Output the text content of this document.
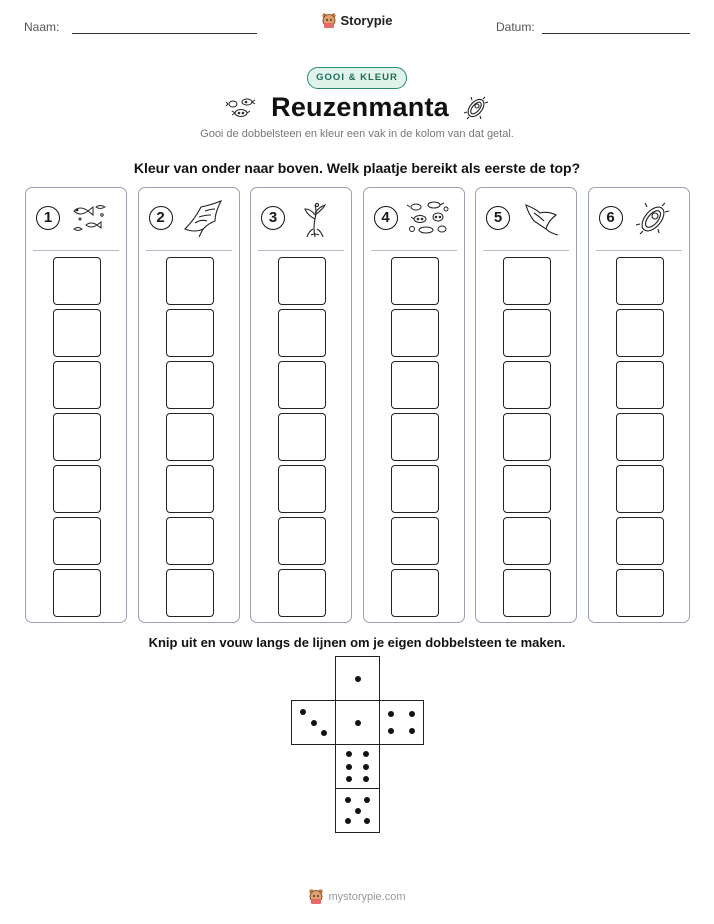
Naam:	Storypie	Datum:
GOOI & KLEUR
Reuzenmanta
Gooi de dobbelsteen en kleur een vak in de kolom van dat getal.
Kleur van onder naar boven. Welk plaatje bereikt als eerste de top?
1	2	3	4	5	6
Knip uit en vouw langs de lijnen om je eigen dobbelsteen te maken.
mystorypie.com
